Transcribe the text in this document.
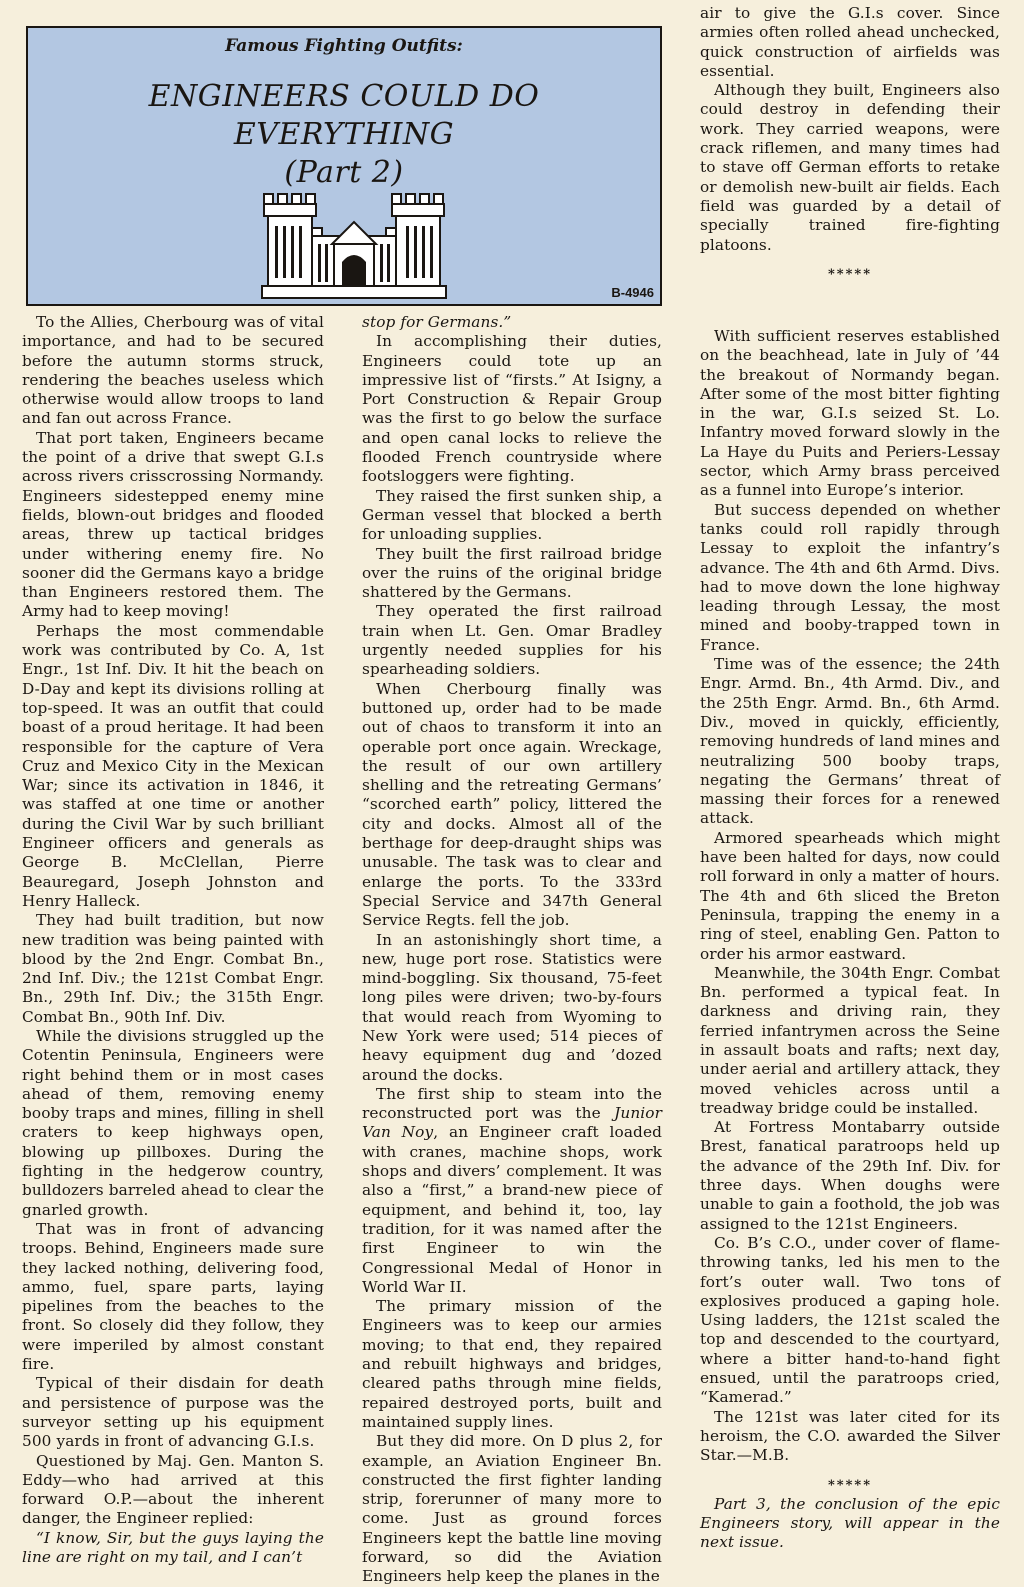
Famous Fighting Outfits:
ENGINEERS COULD DO
EVERYTHING
(Part 2)
B-4946

To the Allies, Cherbourg was of vital importance, and had to be secured before the autumn storms struck, rendering the beaches useless which otherwise would allow troops to land and fan out across France.

That port taken, Engineers became the point of a drive that swept G.I.s across rivers crisscrossing Normandy. Engineers sidestepped enemy mine fields, blown-out bridges and flooded areas, threw up tactical bridges under withering enemy fire. No sooner did the Germans kayo a bridge than Engineers restored them. The Army had to keep moving!

Perhaps the most commendable work was contributed by Co. A, 1st Engr., 1st Inf. Div. It hit the beach on D-Day and kept its divisions rolling at top-speed. It was an outfit that could boast of a proud heritage. It had been responsible for the capture of Vera Cruz and Mexico City in the Mexican War; since its activation in 1846, it was staffed at one time or another during the Civil War by such brilliant Engineer officers and generals as George B. McClellan, Pierre Beauregard, Joseph Johnston and Henry Halleck.

They had built tradition, but now new tradition was being painted with blood by the 2nd Engr. Combat Bn., 2nd Inf. Div.; the 121st Combat Engr. Bn., 29th Inf. Div.; the 315th Engr. Combat Bn., 90th Inf. Div.

While the divisions struggled up the Cotentin Peninsula, Engineers were right behind them or in most cases ahead of them, removing enemy booby traps and mines, filling in shell craters to keep highways open, blowing up pillboxes. During the fighting in the hedgerow country, bulldozers barreled ahead to clear the gnarled growth.

That was in front of advancing troops. Behind, Engineers made sure they lacked nothing, delivering food, ammo, fuel, spare parts, laying pipelines from the beaches to the front. So closely did they follow, they were imperiled by almost constant fire.

Typical of their disdain for death and persistence of purpose was the surveyor setting up his equipment 500 yards in front of advancing G.I.s.

Questioned by Maj. Gen. Manton S. Eddy—who had arrived at this forward O.P.—about the inherent danger, the Engineer replied:

“I know, Sir, but the guys laying the line are right on my tail, and I can’t

stop for Germans.”

In accomplishing their duties, Engineers could tote up an impressive list of “firsts.” At Isigny, a Port Construction & Repair Group was the first to go below the surface and open canal locks to relieve the flooded French countryside where footsloggers were fighting.

They raised the first sunken ship, a German vessel that blocked a berth for unloading supplies.

They built the first railroad bridge over the ruins of the original bridge shattered by the Germans.

They operated the first railroad train when Lt. Gen. Omar Bradley urgently needed supplies for his spearheading soldiers.

When Cherbourg finally was buttoned up, order had to be made out of chaos to transform it into an operable port once again. Wreckage, the result of our own artillery shelling and the retreating Germans’ “scorched earth” policy, littered the city and docks. Almost all of the berthage for deep-draught ships was unusable. The task was to clear and enlarge the ports. To the 333rd Special Service and 347th General Service Regts. fell the job.

In an astonishingly short time, a new, huge port rose. Statistics were mind-boggling. Six thousand, 75-feet long piles were driven; two-by-fours that would reach from Wyoming to New York were used; 514 pieces of heavy equipment dug and ’dozed around the docks.

The first ship to steam into the reconstructed port was the Junior Van Noy, an Engineer craft loaded with cranes, machine shops, work shops and divers’ complement. It was also a “first,” a brand-new piece of equipment, and behind it, too, lay tradition, for it was named after the first Engineer to win the Congressional Medal of Honor in World War II.

The primary mission of the Engineers was to keep our armies moving; to that end, they repaired and rebuilt highways and bridges, cleared paths through mine fields, repaired destroyed ports, built and maintained supply lines.

But they did more. On D plus 2, for example, an Aviation Engineer Bn. constructed the first fighter landing strip, forerunner of many more to come. Just as ground forces Engineers kept the battle line moving forward, so did the Aviation Engineers help keep the planes in the

air to give the G.I.s cover. Since armies often rolled ahead unchecked, quick construction of airfields was essential.

Although they built, Engineers also could destroy in defending their work. They carried weapons, were crack riflemen, and many times had to stave off German efforts to retake or demolish new-built air fields. Each field was guarded by a detail of specially trained fire-fighting platoons.

*****

With sufficient reserves established on the beachhead, late in July of ’44 the breakout of Normandy began. After some of the most bitter fighting in the war, G.I.s seized St. Lo. Infantry moved forward slowly in the La Haye du Puits and Periers-Lessay sector, which Army brass perceived as a funnel into Europe’s interior.

But success depended on whether tanks could roll rapidly through Lessay to exploit the infantry’s advance. The 4th and 6th Armd. Divs. had to move down the lone highway leading through Lessay, the most mined and booby-trapped town in France.

Time was of the essence; the 24th Engr. Armd. Bn., 4th Armd. Div., and the 25th Engr. Armd. Bn., 6th Armd. Div., moved in quickly, efficiently, removing hundreds of land mines and neutralizing 500 booby traps, negating the Germans’ threat of massing their forces for a renewed attack.

Armored spearheads which might have been halted for days, now could roll forward in only a matter of hours. The 4th and 6th sliced the Breton Peninsula, trapping the enemy in a ring of steel, enabling Gen. Patton to order his armor eastward.

Meanwhile, the 304th Engr. Combat Bn. performed a typical feat. In darkness and driving rain, they ferried infantrymen across the Seine in assault boats and rafts; next day, under aerial and artillery attack, they moved vehicles across until a treadway bridge could be installed.

At Fortress Montabarry outside Brest, fanatical paratroops held up the advance of the 29th Inf. Div. for three days. When doughs were unable to gain a foothold, the job was assigned to the 121st Engineers.

Co. B’s C.O., under cover of flame-throwing tanks, led his men to the fort’s outer wall. Two tons of explosives produced a gaping hole. Using ladders, the 121st scaled the top and descended to the courtyard, where a bitter hand-to-hand fight ensued, until the paratroops cried, “Kamerad.”

The 121st was later cited for its heroism, the C.O. awarded the Silver Star.—M.B.

*****

Part 3, the conclusion of the epic Engineers story, will appear in the next issue.
